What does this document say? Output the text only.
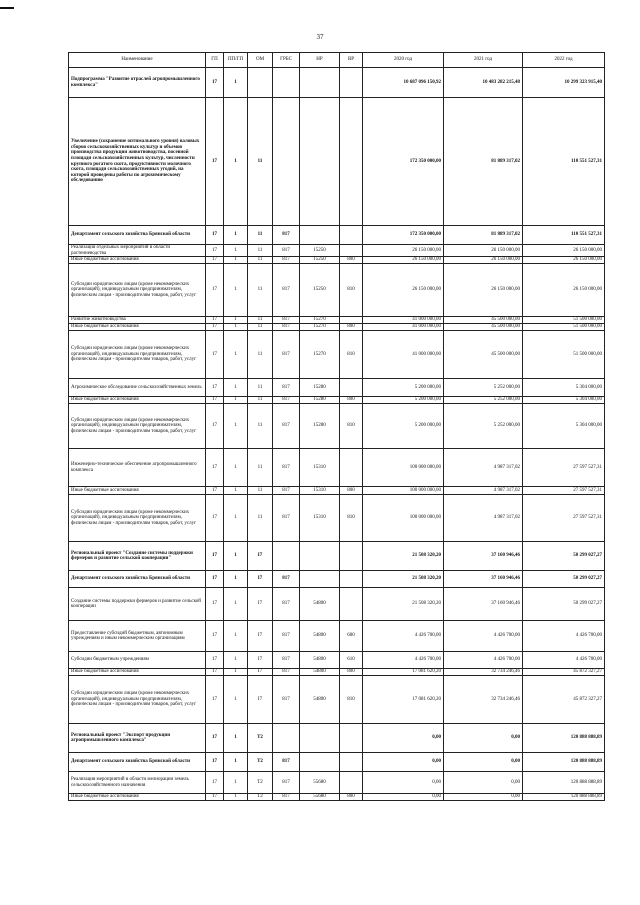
37
Наименование	ГП	ПП/ГП	ОМ	ГРБС	НР	ВР	2020 год	2021 год	2022 год
Подпрограмма "Развитие отраслей агропромышленного комплекса"	17	1					10 687 096 150,92	10 483 282 215,48	10 299 323 915,40
Увеличение (сохранение оптимального уровня) валовых сборов сельскохозяйственных культур и объемов производства продукции животноводства, посевной площади сельскохозяйственных культур, численности крупного рогатого скота, продуктивности молочного скота, площади сельскохозяйственных угодий, на которой проведены работы по агрохимическому обследованию	17	1	11				172 350 000,00	81 889 317,02	110 551 527,31
Департамент сельского хозяйства Брянской области	17	1	11	817			172 350 000,00	81 889 317,02	110 551 527,31
Реализация отдельных мероприятий в области растениеводства	17	1	11	817	15250		26 150 000,00	26 150 000,00	26 150 000,00
Иные бюджетные ассигнования	17	1	11	817	15250	800	26 150 000,00	26 150 000,00	26 150 000,00
Субсидии юридическим лицам (кроме некоммерческих организаций), индивидуальным предпринимателям, физическим лицам - производителям товаров, работ, услуг	17	1	11	817	15250	810	26 150 000,00	26 150 000,00	26 150 000,00
Развитие животноводства	17	1	11	817	15270		41 000 000,00	45 500 000,00	51 500 000,00
Иные бюджетные ассигнования	17	1	11	817	15270	800	41 000 000,00	45 500 000,00	51 500 000,00
Субсидии юридическим лицам (кроме некоммерческих организаций), индивидуальным предпринимателям, физическим лицам - производителям товаров, работ, услуг	17	1	11	817	15270	810	41 000 000,00	45 500 000,00	51 500 000,00
Агрохимическое обследование сельскохозяйственных земель	17	1	11	817	15280		5 200 000,00	5 252 000,00	5 304 000,00
Иные бюджетные ассигнования	17	1	11	817	15280	800	5 200 000,00	5 252 000,00	5 304 000,00
Субсидии юридическим лицам (кроме некоммерческих организаций), индивидуальным предпринимателям, физическим лицам - производителям товаров, работ, услуг	17	1	11	817	15280	810	5 200 000,00	5 252 000,00	5 304 000,00
Инженерно-техническое обеспечение агропромышленного комплекса	17	1	11	817	15310		100 000 000,00	4 987 317,02	27 597 527,31
Иные бюджетные ассигнования	17	1	11	817	15310	800	100 000 000,00	4 987 317,02	27 597 527,31
Субсидии юридическим лицам (кроме некоммерческих организаций), индивидуальным предпринимателям, физическим лицам - производителям товаров, работ, услуг	17	1	11	817	15310	810	100 000 000,00	4 987 317,02	27 597 527,31
Региональный проект "Создание системы поддержки фермеров и развитие сельской кооперации"	17	1	I7				21 508 320,20	37 160 946,46	50 299 027,27
Департамент сельского хозяйства Брянской области	17	1	I7	817			21 508 320,20	37 160 946,46	50 299 027,27
Создание системы поддержки фермеров и развитие сельской кооперации	17	1	I7	817	54800		21 508 320,20	37 160 946,46	50 299 027,27
Предоставление субсидий бюджетным, автономным учреждениям и иным некоммерческим организациям	17	1	I7	817	54800	600	4 426 700,00	4 426 700,00	4 426 700,00
Субсидии бюджетным учреждениям	17	1	I7	817	54800	610	4 426 700,00	4 426 700,00	4 426 700,00
Иные бюджетные ассигнования	17	1	I7	817	54800	800	17 081 620,20	32 734 246,46	45 872 327,27
Субсидии юридическим лицам (кроме некоммерческих организаций), индивидуальным предпринимателям, физическим лицам - производителям товаров, работ, услуг	17	1	I7	817	54800	810	17 081 620,20	32 734 246,46	45 872 327,27
Региональный проект "Экспорт продукции агропромышленного комплекса"	17	1	T2				0,00	0,00	120 888 888,89
Департамент сельского хозяйства Брянской области	17	1	T2	817			0,00	0,00	120 888 888,89
Реализация мероприятий в области мелиорации земель сельскохозяйственного назначения	17	1	T2	817	55680		0,00	0,00	120 888 888,89
Иные бюджетные ассигнования	17	1	T2	817	55680	800	0,00	0,00	120 888 888,89
